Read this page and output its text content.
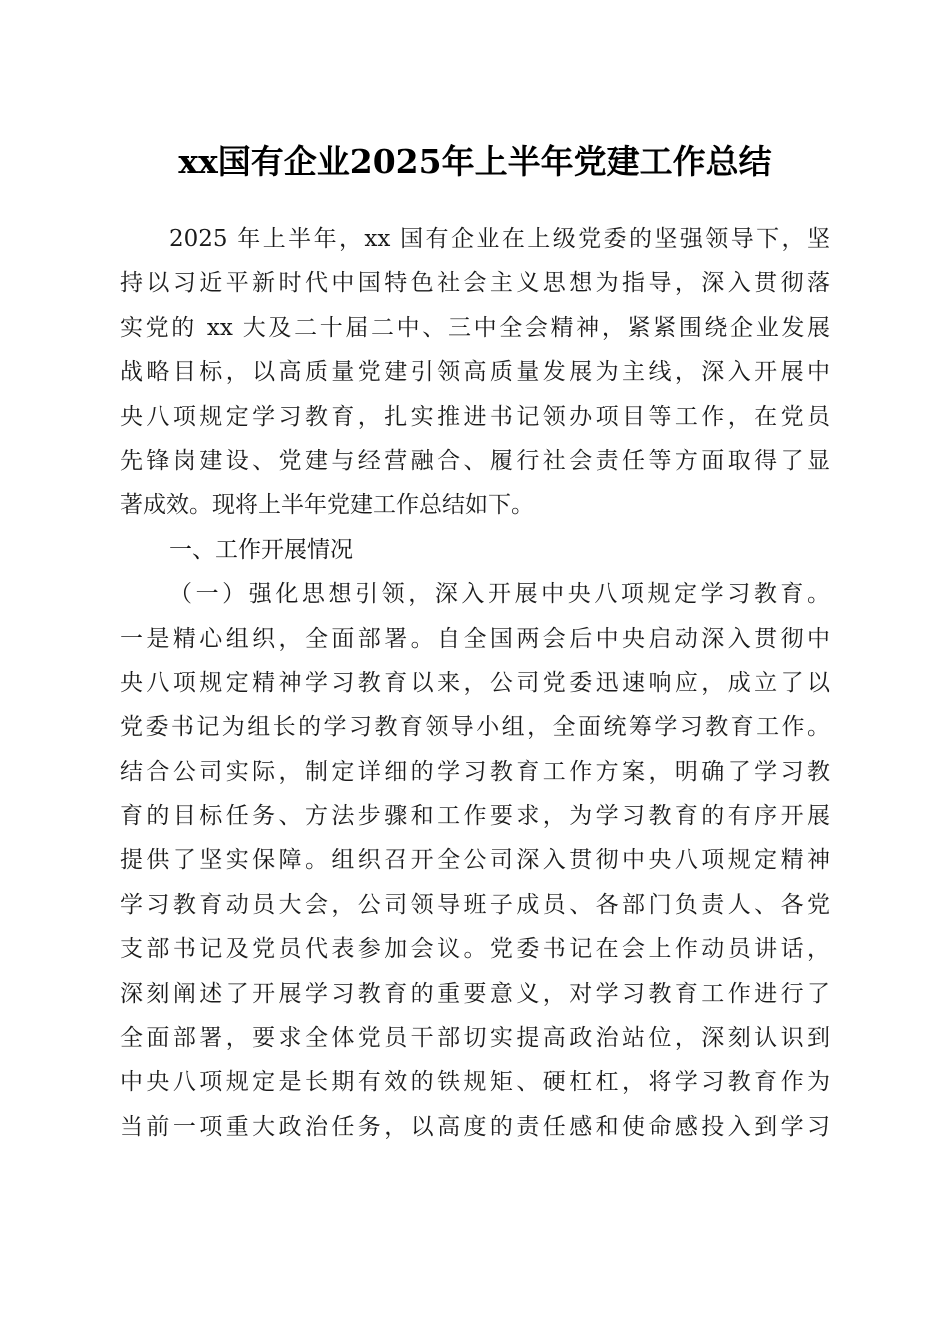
xx国有企业2025年上半年党建工作总结
2025 年上半年，xx 国有企业在上级党委的坚强领导下，坚
持以习近平新时代中国特色社会主义思想为指导，深入贯彻落
实党的 xx 大及二十届二中、三中全会精神，紧紧围绕企业发展
战略目标，以高质量党建引领高质量发展为主线，深入开展中
央八项规定学习教育，扎实推进书记领办项目等工作，在党员
先锋岗建设、党建与经营融合、履行社会责任等方面取得了显
著成效。现将上半年党建工作总结如下。
一、工作开展情况
（一）强化思想引领，深入开展中央八项规定学习教育。
一是精心组织，全面部署。自全国两会后中央启动深入贯彻中
央八项规定精神学习教育以来，公司党委迅速响应，成立了以
党委书记为组长的学习教育领导小组，全面统筹学习教育工作。
结合公司实际，制定详细的学习教育工作方案，明确了学习教
育的目标任务、方法步骤和工作要求，为学习教育的有序开展
提供了坚实保障。组织召开全公司深入贯彻中央八项规定精神
学习教育动员大会，公司领导班子成员、各部门负责人、各党
支部书记及党员代表参加会议。党委书记在会上作动员讲话，
深刻阐述了开展学习教育的重要意义，对学习教育工作进行了
全面部署，要求全体党员干部切实提高政治站位，深刻认识到
中央八项规定是长期有效的铁规矩、硬杠杠，将学习教育作为
当前一项重大政治任务，以高度的责任感和使命感投入到学习
